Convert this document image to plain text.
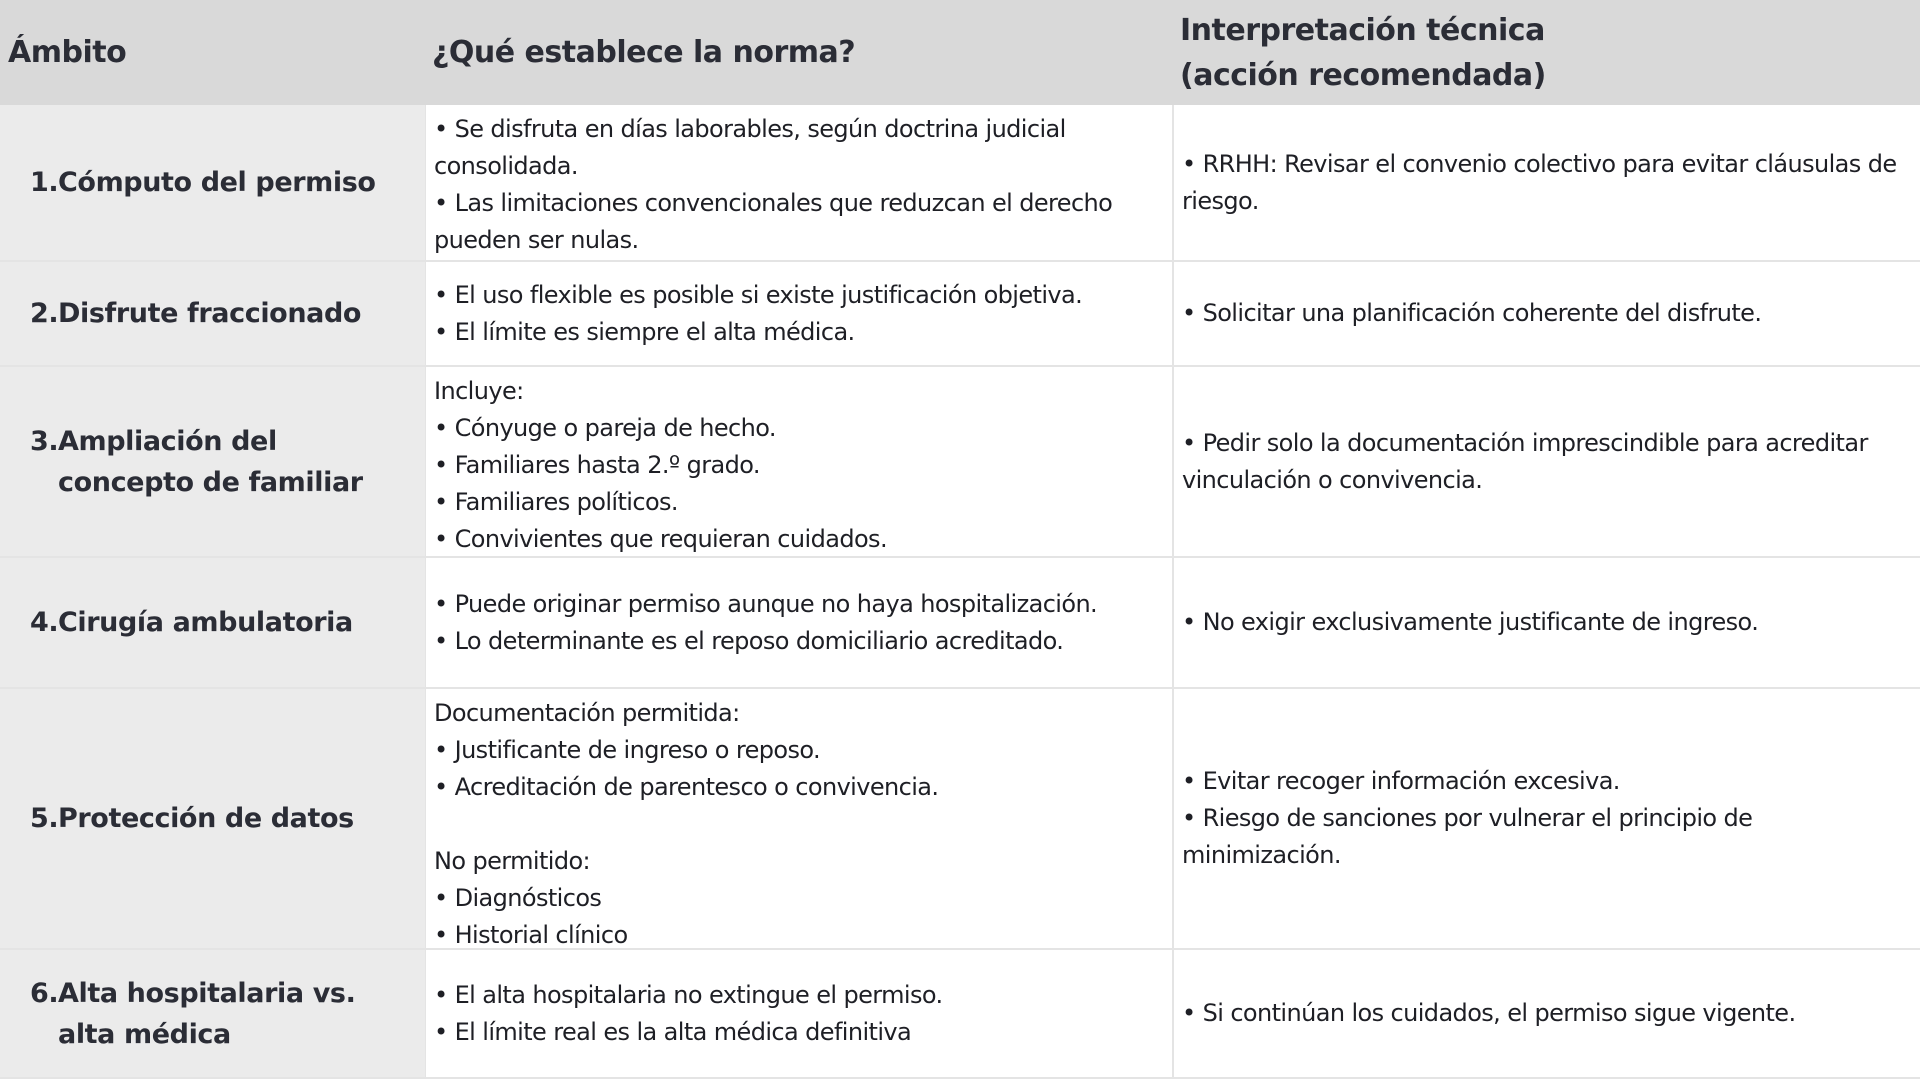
Ámbito	¿Qué establece la norma?
Interpretación técnica
(acción recomendada)
1. Cómputo del permiso
• Se disfruta en días laborables, según doctrina judicial consolidada.
• Las limitaciones convencionales que reduzcan el derecho pueden ser nulas.
• RRHH: Revisar el convenio colectivo para evitar cláusulas de riesgo.
2. Disfrute fraccionado
• El uso flexible es posible si existe justificación objetiva.
• El límite es siempre el alta médica.
• Solicitar una planificación coherente del disfrute.
3. Ampliación del concepto de familiar
Incluye:
• Cónyuge o pareja de hecho.
• Familiares hasta 2.º grado.
• Familiares políticos.
• Convivientes que requieran cuidados.
• Pedir solo la documentación imprescindible para acreditar vinculación o convivencia.
4. Cirugía ambulatoria
• Puede originar permiso aunque no haya hospitalización.
• Lo determinante es el reposo domiciliario acreditado.
• No exigir exclusivamente justificante de ingreso.
5. Protección de datos
Documentación permitida:
• Justificante de ingreso o reposo.
• Acreditación de parentesco o convivencia.
No permitido:
• Diagnósticos
• Historial clínico
• Evitar recoger información excesiva.
• Riesgo de sanciones por vulnerar el principio de minimización.
6. Alta hospitalaria vs. alta médica
• El alta hospitalaria no extingue el permiso.
• El límite real es la alta médica definitiva
• Si continúan los cuidados, el permiso sigue vigente.
